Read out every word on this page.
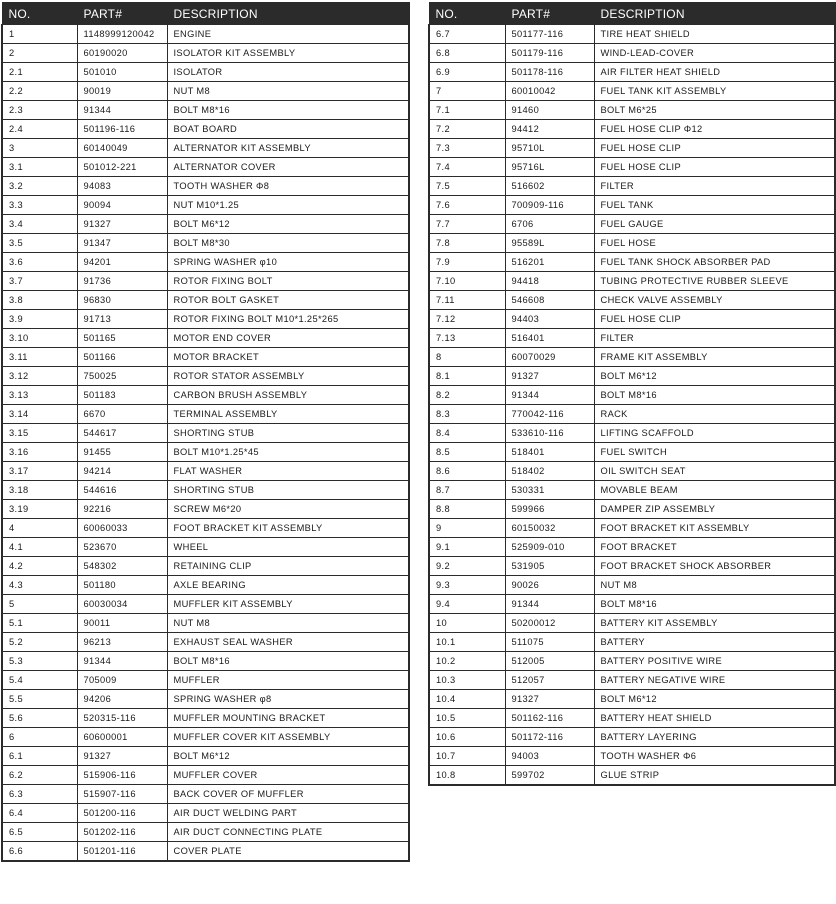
NO.	PART#	DESCRIPTION
1	1148999120042	ENGINE
2	60190020	ISOLATOR KIT ASSEMBLY
2.1	501010	ISOLATOR
2.2	90019	NUT M8
2.3	91344	BOLT M8*16
2.4	501196-116	BOAT BOARD
3	60140049	ALTERNATOR KIT ASSEMBLY
3.1	501012-221	ALTERNATOR COVER
3.2	94083	TOOTH WASHER Φ8
3.3	90094	NUT M10*1.25
3.4	91327	BOLT M6*12
3.5	91347	BOLT M8*30
3.6	94201	SPRING WASHER φ10
3.7	91736	ROTOR FIXING BOLT
3.8	96830	ROTOR BOLT GASKET
3.9	91713	ROTOR FIXING BOLT M10*1.25*265
3.10	501165	MOTOR END COVER
3.11	501166	MOTOR BRACKET
3.12	750025	ROTOR STATOR ASSEMBLY
3.13	501183	CARBON BRUSH ASSEMBLY
3.14	6670	TERMINAL ASSEMBLY
3.15	544617	SHORTING STUB
3.16	91455	BOLT M10*1.25*45
3.17	94214	FLAT WASHER
3.18	544616	SHORTING STUB
3.19	92216	SCREW M6*20
4	60060033	FOOT BRACKET KIT ASSEMBLY
4.1	523670	WHEEL
4.2	548302	RETAINING CLIP
4.3	501180	AXLE BEARING
5	60030034	MUFFLER KIT ASSEMBLY
5.1	90011	NUT M8
5.2	96213	EXHAUST SEAL WASHER
5.3	91344	BOLT M8*16
5.4	705009	MUFFLER
5.5	94206	SPRING WASHER φ8
5.6	520315-116	MUFFLER MOUNTING BRACKET
6	60600001	MUFFLER COVER KIT ASSEMBLY
6.1	91327	BOLT M6*12
6.2	515906-116	MUFFLER COVER
6.3	515907-116	BACK COVER OF MUFFLER
6.4	501200-116	AIR DUCT WELDING PART
6.5	501202-116	AIR DUCT CONNECTING PLATE
6.6	501201-116	COVER PLATE
NO.	PART#	DESCRIPTION
6.7	501177-116	TIRE HEAT SHIELD
6.8	501179-116	WIND-LEAD-COVER
6.9	501178-116	AIR FILTER HEAT SHIELD
7	60010042	FUEL TANK KIT ASSEMBLY
7.1	91460	BOLT M6*25
7.2	94412	FUEL HOSE CLIP Φ12
7.3	95710L	FUEL HOSE CLIP
7.4	95716L	FUEL HOSE CLIP
7.5	516602	FILTER
7.6	700909-116	FUEL TANK
7.7	6706	FUEL GAUGE
7.8	95589L	FUEL HOSE
7.9	516201	FUEL TANK SHOCK ABSORBER PAD
7.10	94418	TUBING PROTECTIVE RUBBER SLEEVE
7.11	546608	CHECK VALVE ASSEMBLY
7.12	94403	FUEL HOSE CLIP
7.13	516401	FILTER
8	60070029	FRAME KIT ASSEMBLY
8.1	91327	BOLT M6*12
8.2	91344	BOLT M8*16
8.3	770042-116	RACK
8.4	533610-116	LIFTING SCAFFOLD
8.5	518401	FUEL SWITCH
8.6	518402	OIL SWITCH SEAT
8.7	530331	MOVABLE BEAM
8.8	599966	DAMPER ZIP ASSEMBLY
9	60150032	FOOT BRACKET KIT ASSEMBLY
9.1	525909-010	FOOT BRACKET
9.2	531905	FOOT BRACKET SHOCK ABSORBER
9.3	90026	NUT M8
9.4	91344	BOLT M8*16
10	50200012	BATTERY KIT ASSEMBLY
10.1	511075	BATTERY
10.2	512005	BATTERY POSITIVE WIRE
10.3	512057	BATTERY NEGATIVE WIRE
10.4	91327	BOLT M6*12
10.5	501162-116	BATTERY HEAT SHIELD
10.6	501172-116	BATTERY LAYERING
10.7	94003	TOOTH WASHER Φ6
10.8	599702	GLUE STRIP
